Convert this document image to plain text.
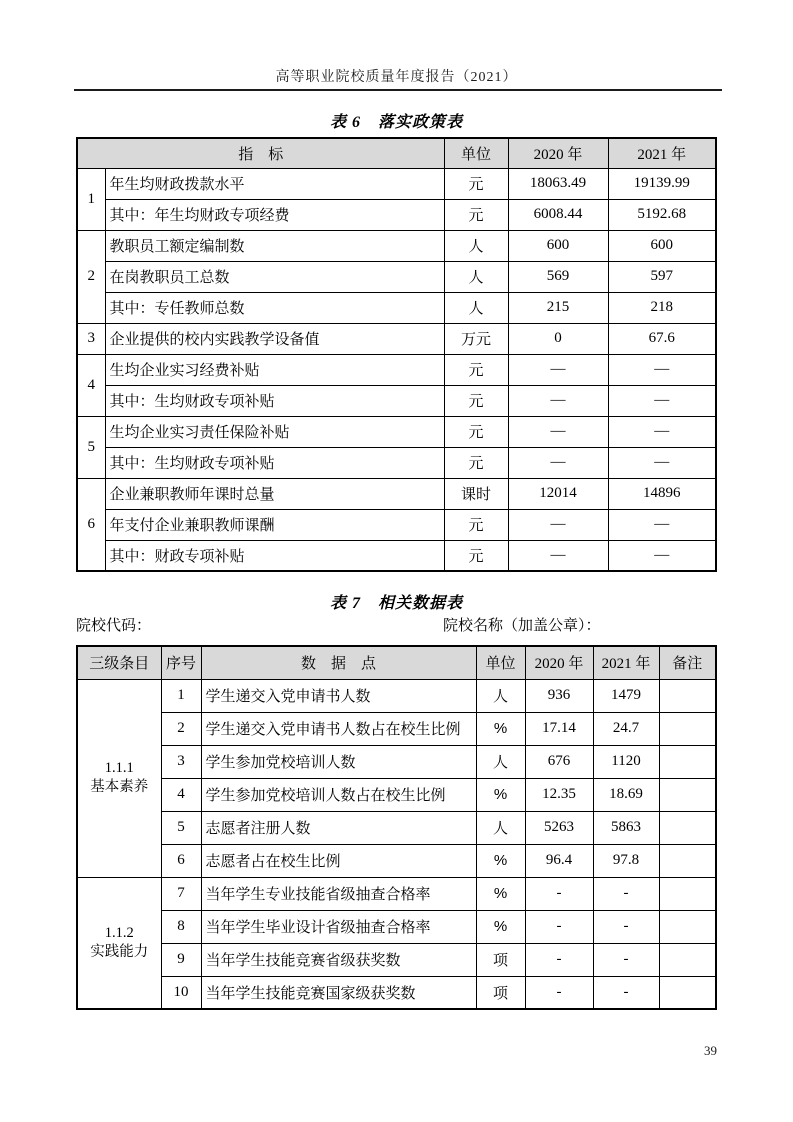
高等职业院校质量年度报告（2021）
表 6　落实政策表
指　标		单位	2020 年	2021 年
1	年生均财政拨款水平	元	18063.49	19139.99
	其中：年生均财政专项经费	元	6008.44	5192.68
2	教职员工额定编制数	人	600	600
	在岗教职员工总数	人	569	597
	其中：专任教师总数	人	215	218
3	企业提供的校内实践教学设备值	万元	0	67.6
4	生均企业实习经费补贴	元	—	—
	其中：生均财政专项补贴	元	—	—
5	生均企业实习责任保险补贴	元	—	—
	其中：生均财政专项补贴	元	—	—
6	企业兼职教师年课时总量	课时	12014	14896
	年支付企业兼职教师课酬	元	—	—
	其中：财政专项补贴	元	—	—
表 7　相关数据表
院校代码：	院校名称（加盖公章）：
三级条目	序号	数　据　点	单位	2020 年	2021 年	备注

1.1.1
基本素养	1	学生递交入党申请书人数	人	936	1479	
	2	学生递交入党申请书人数占在校生比例	%	17.14	24.7	
	3	学生参加党校培训人数	人	676	1120	
	4	学生参加党校培训人数占在校生比例	%	12.35	18.69	
	5	志愿者注册人数	人	5263	5863	
	6	志愿者占在校生比例	%	96.4	97.8	

1.1.2
实践能力	7	当年学生专业技能省级抽查合格率	%	-	-	
	8	当年学生毕业设计省级抽查合格率	%	-	-	
	9	当年学生技能竞赛省级获奖数	项	-	-	
	10	当年学生技能竞赛国家级获奖数	项	-	-	
39
